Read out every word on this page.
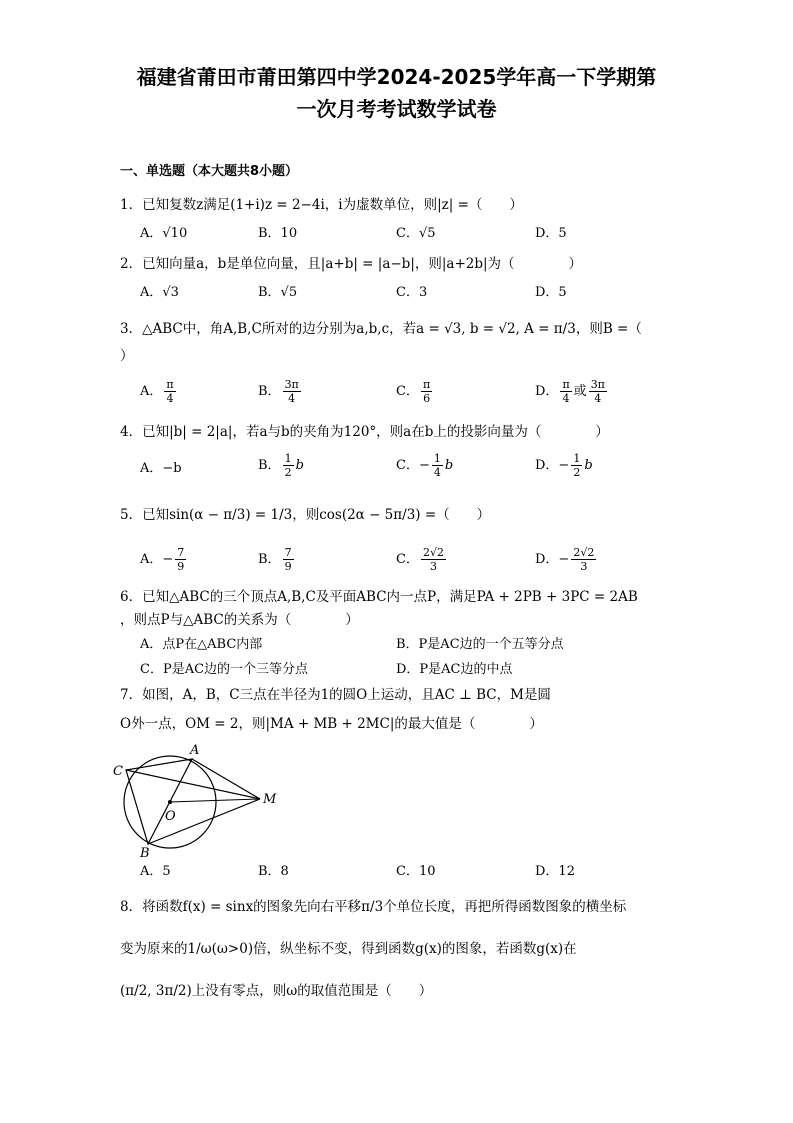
福建省莆田市莆田第四中学2024-2025学年高一下学期第
一次月考考试数学试卷
一、单选题（本大题共8小题）
1．已知复数z满足(1+i)z = 2−4i，i为虚数单位，则|z| =（　　）
A．√10	B．10	C．√5	D．5
2．已知向量a，b是单位向量，且|a+b| = |a−b|，则|a+2b|为（　　　　）
A．√3	B．√5	C．3	D．5
3．△ABC中，角A,B,C所对的边分别为a,b,c，若a = √3, b = √2, A = π/3，则B =（
）
A． $\frac{\pi}{4}$	B． $\frac{3\pi}{4}$	C． $\frac{\pi}{6}$	D． $\frac{\pi}{4}$ 或 $\frac{3\pi}{4}$
4．已知|b| = 2|a|，若a与b的夹角为120°，则a在b上的投影向量为（　　　　）
A．−b	B． $\frac{1}{2}$ b	C．− $\frac{1}{4}$ b	D．− $\frac{1}{2}$ b
5．已知sin(α − π/3) = 1/3，则cos(2α − 5π/3) =（　　）
A．− $\frac{7}{9}$	B． $\frac{7}{9}$	C． $\frac{2√2}{3}$	D．− $\frac{2√2}{3}$
6．已知△ABC的三个顶点A,B,C及平面ABC内一点P，满足PA + 2PB + 3PC = 2AB
，则点P与△ABC的关系为（　　　　）
A．点P在△ABC内部	B．P是AC边的一个五等分点
C．P是AC边的一个三等分点	D．P是AC边的中点
7．如图，A，B，C三点在半径为1的圆O上运动，且AC ⊥ BC，M是圆
O外一点，OM = 2，则|MA + MB + 2MC|的最大值是（　　　　）
A
C
B
O
M
A．5	B．8	C．10	D．12
8．将函数f(x) = sinx的图象先向右平移π/3个单位长度，再把所得函数图象的横坐标
变为原来的1/ω(ω>0)倍，纵坐标不变，得到函数g(x)的图象，若函数g(x)在
(π/2, 3π/2)上没有零点，则ω的取值范围是（　　）
